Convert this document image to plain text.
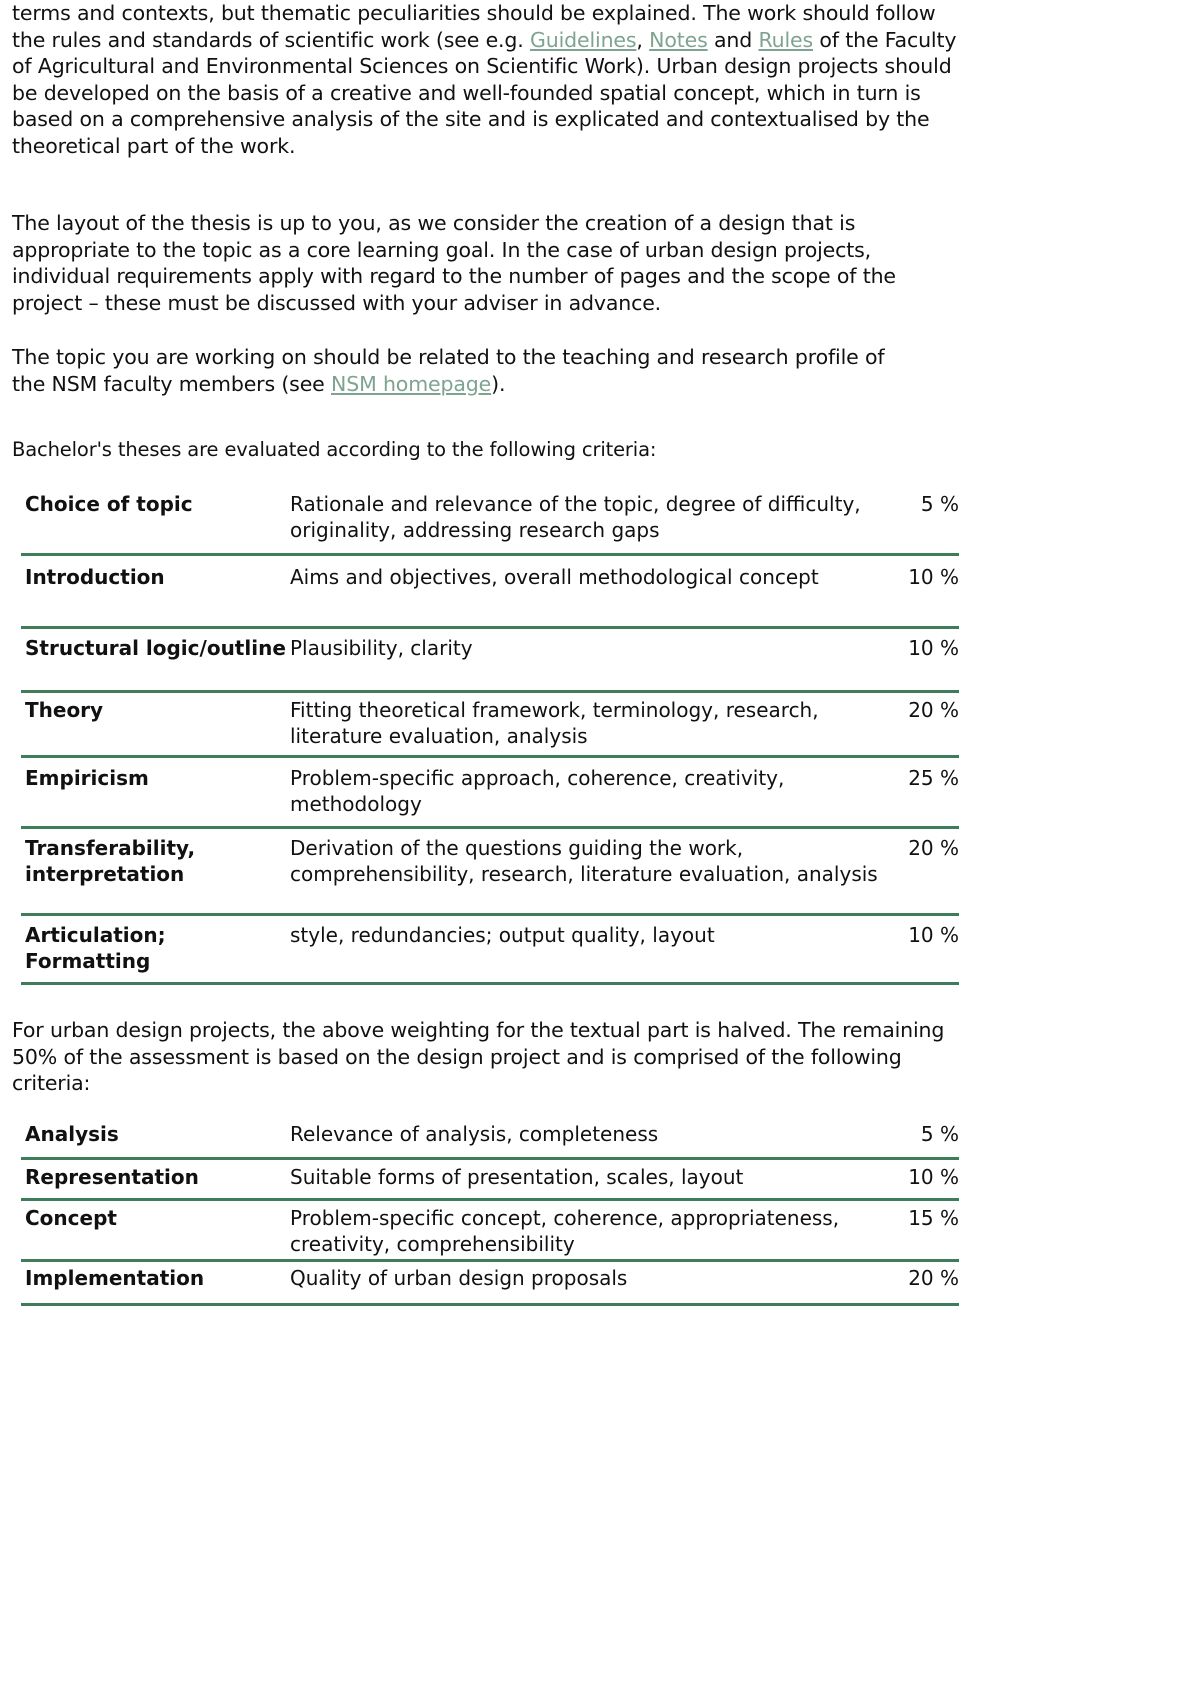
terms and contexts, but thematic peculiarities should be explained. The work should follow the rules and standards of scientific work (see e.g. Guidelines, Notes and Rules of the Faculty of Agricultural and Environmental Sciences on Scientific Work). Urban design projects should be developed on the basis of a creative and well-founded spatial concept, which in turn is based on a comprehensive analysis of the site and is explicated and contextualised by the theoretical part of the work.

The layout of the thesis is up to you, as we consider the creation of a design that is appropriate to the topic as a core learning goal. In the case of urban design projects, individual requirements apply with regard to the number of pages and the scope of the project – these must be discussed with your adviser in advance.

The topic you are working on should be related to the teaching and research profile of the NSM faculty members (see NSM homepage).

Bachelor's theses are evaluated according to the following criteria:

Choice of topic	Rationale and relevance of the topic, degree of difficulty, originality, addressing research gaps	5 %
Introduction	Aims and objectives, overall methodological concept	10 %
Structural logic/outline	Plausibility, clarity	10 %
Theory	Fitting theoretical framework, terminology, research, literature evaluation, analysis	20 %
Empiricism	Problem-specific approach, coherence, creativity, methodology	25 %
Transferability, interpretation	Derivation of the questions guiding the work, comprehensibility, research, literature evaluation, analysis	20 %
Articulation; Formatting	style, redundancies; output quality, layout	10 %

For urban design projects, the above weighting for the textual part is halved. The remaining 50% of the assessment is based on the design project and is comprised of the following criteria:

Analysis	Relevance of analysis, completeness	5 %
Representation	Suitable forms of presentation, scales, layout	10 %
Concept	Problem-specific concept, coherence, appropriateness, creativity, comprehensibility	15 %
Implementation	Quality of urban design proposals	20 %
